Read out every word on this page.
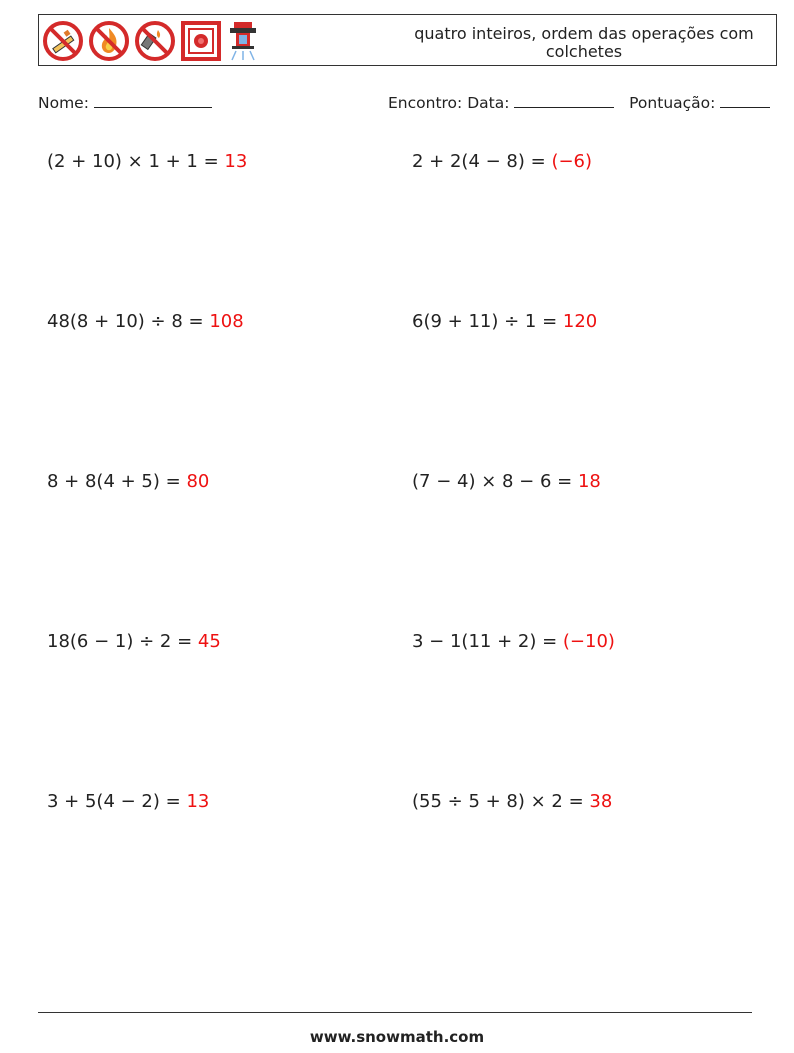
quatro inteiros, ordem das operações com colchetes
Nome:	Encontro: Data:	Pontuação:
(2 + 10) × 1 + 1 = 13	2 + 2(4 − 8) = (−6)
48(8 + 10) ÷ 8 = 108	6(9 + 11) ÷ 1 = 120
8 + 8(4 + 5) = 80	(7 − 4) × 8 − 6 = 18
18(6 − 1) ÷ 2 = 45	3 − 1(11 + 2) = (−10)
3 + 5(4 − 2) = 13	(55 ÷ 5 + 8) × 2 = 38
www.snowmath.com
